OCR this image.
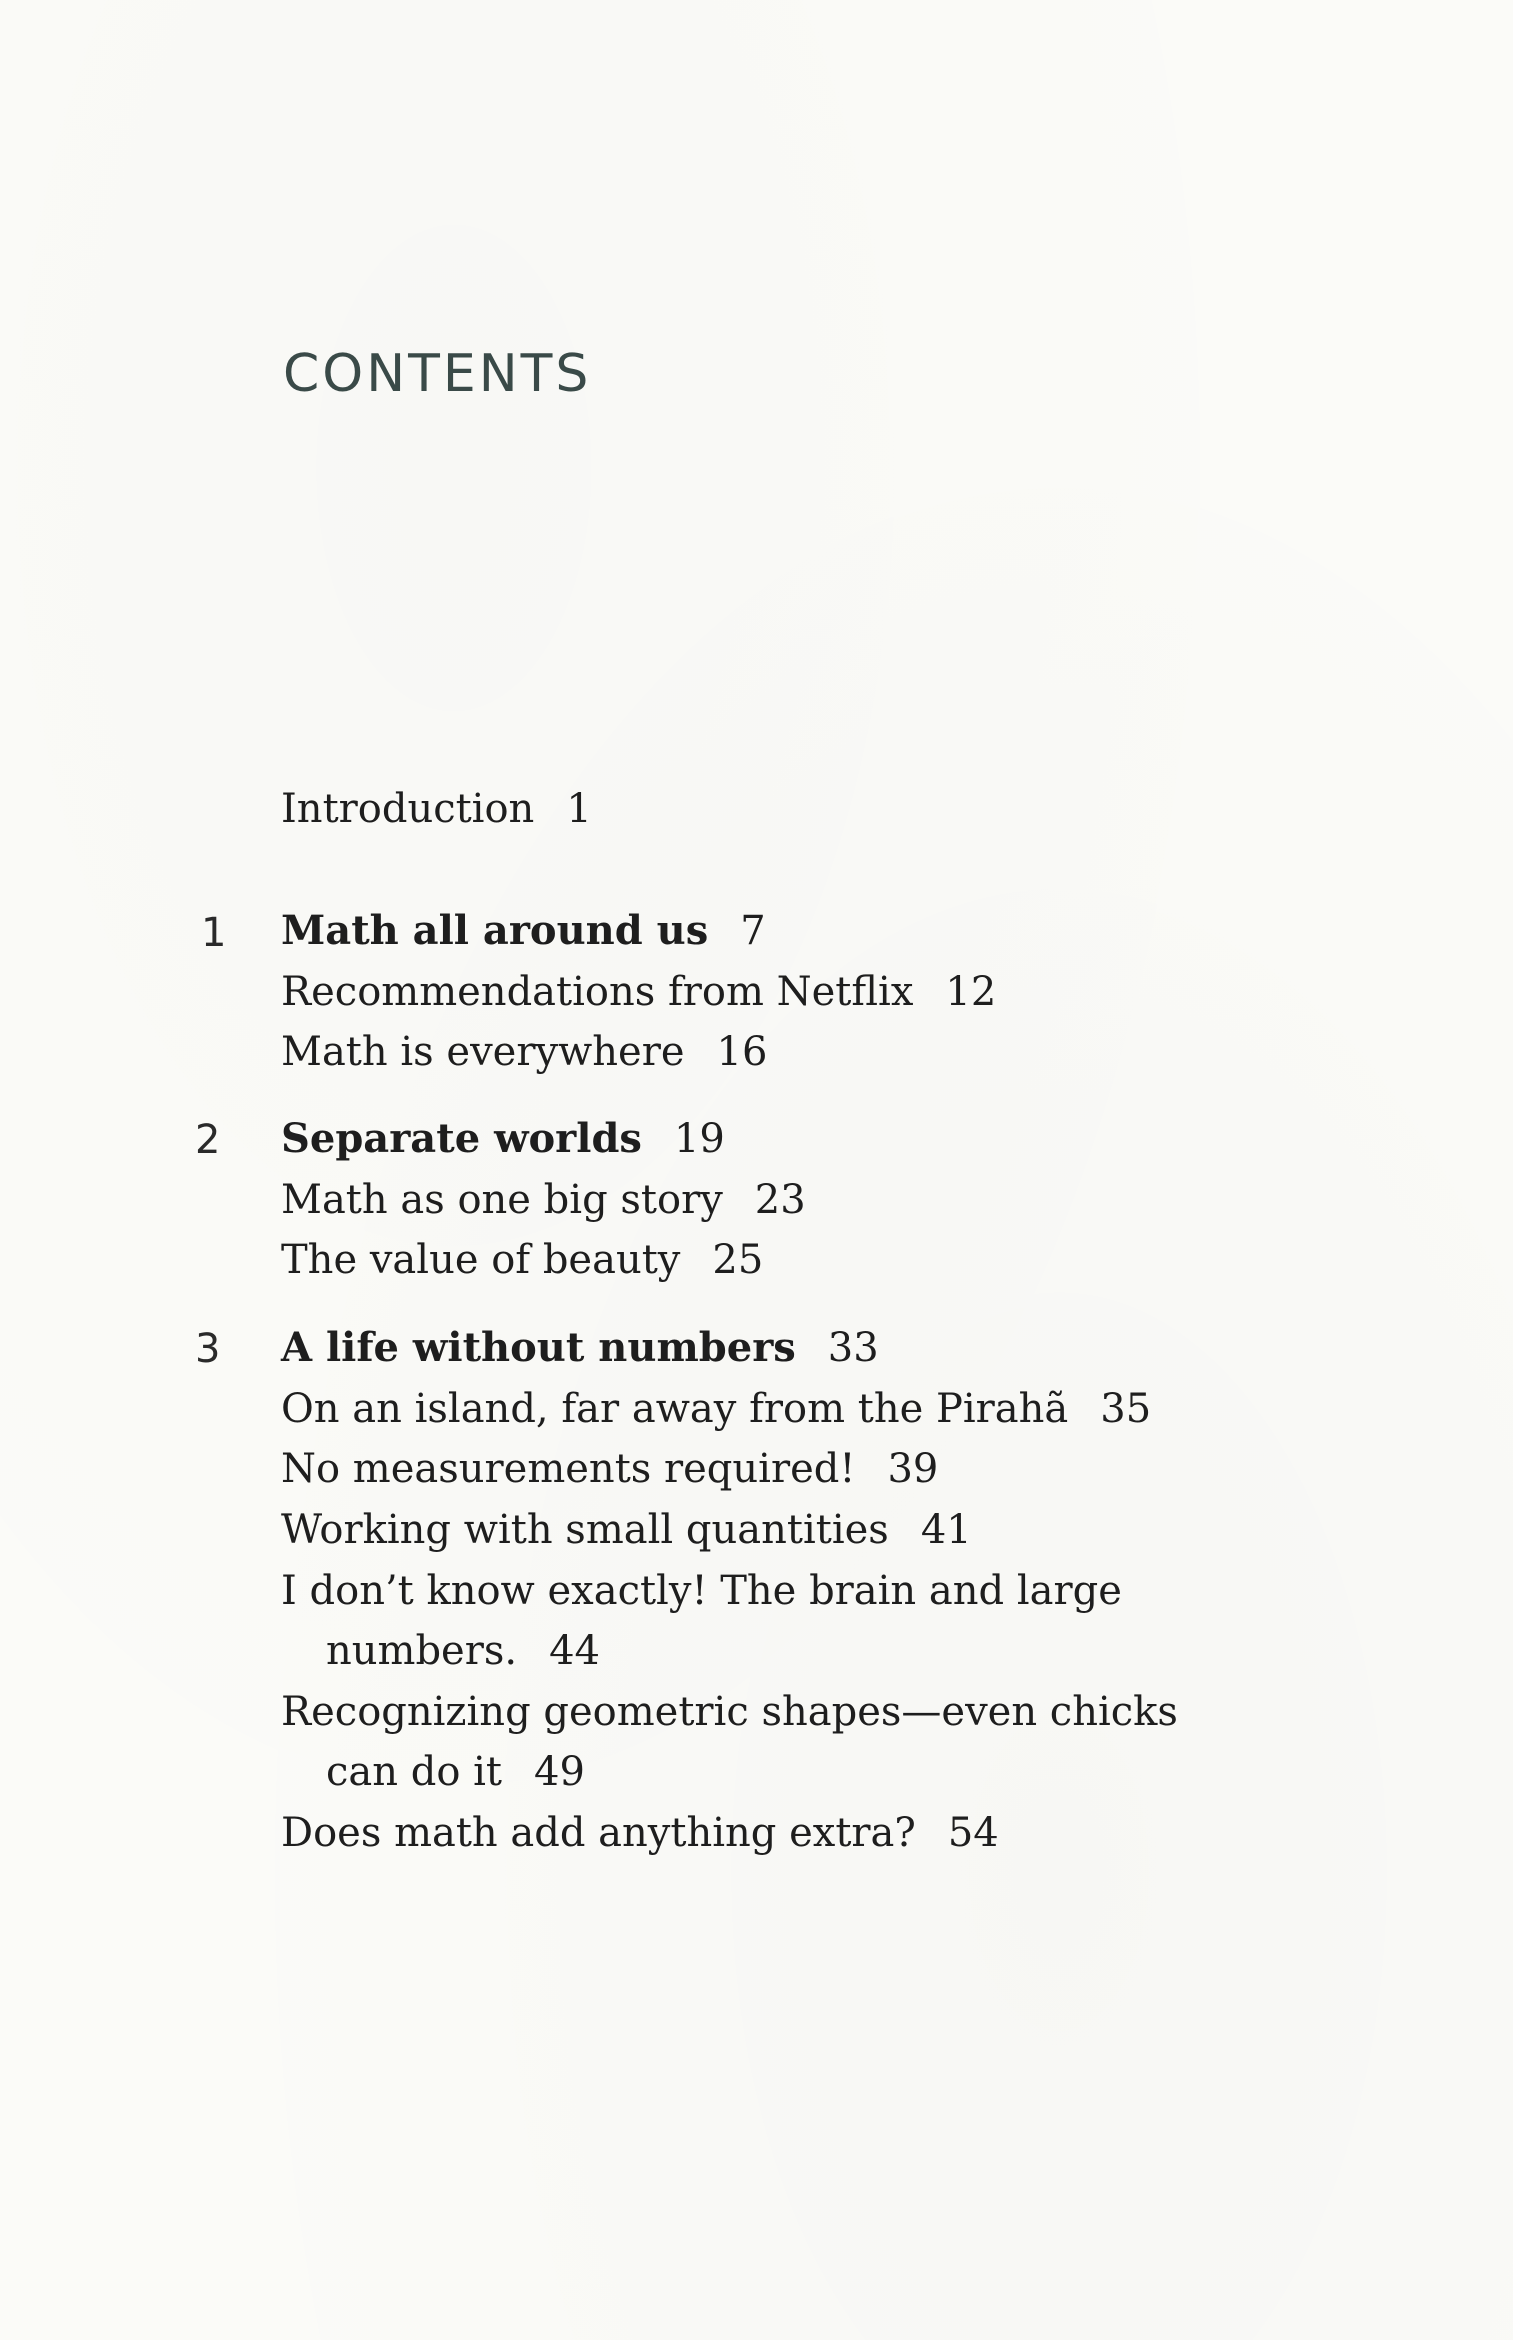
CONTENTS
Introduction 1
1 Math all around us 7
Recommendations from Netflix 12
Math is everywhere 16
2 Separate worlds 19
Math as one big story 23
The value of beauty 25
3 A life without numbers 33
On an island, far away from the Pirahã 35
No measurements required! 39
Working with small quantities 41
I don’t know exactly! The brain and large
numbers. 44
Recognizing geometric shapes—even chicks
can do it 49
Does math add anything extra? 54
